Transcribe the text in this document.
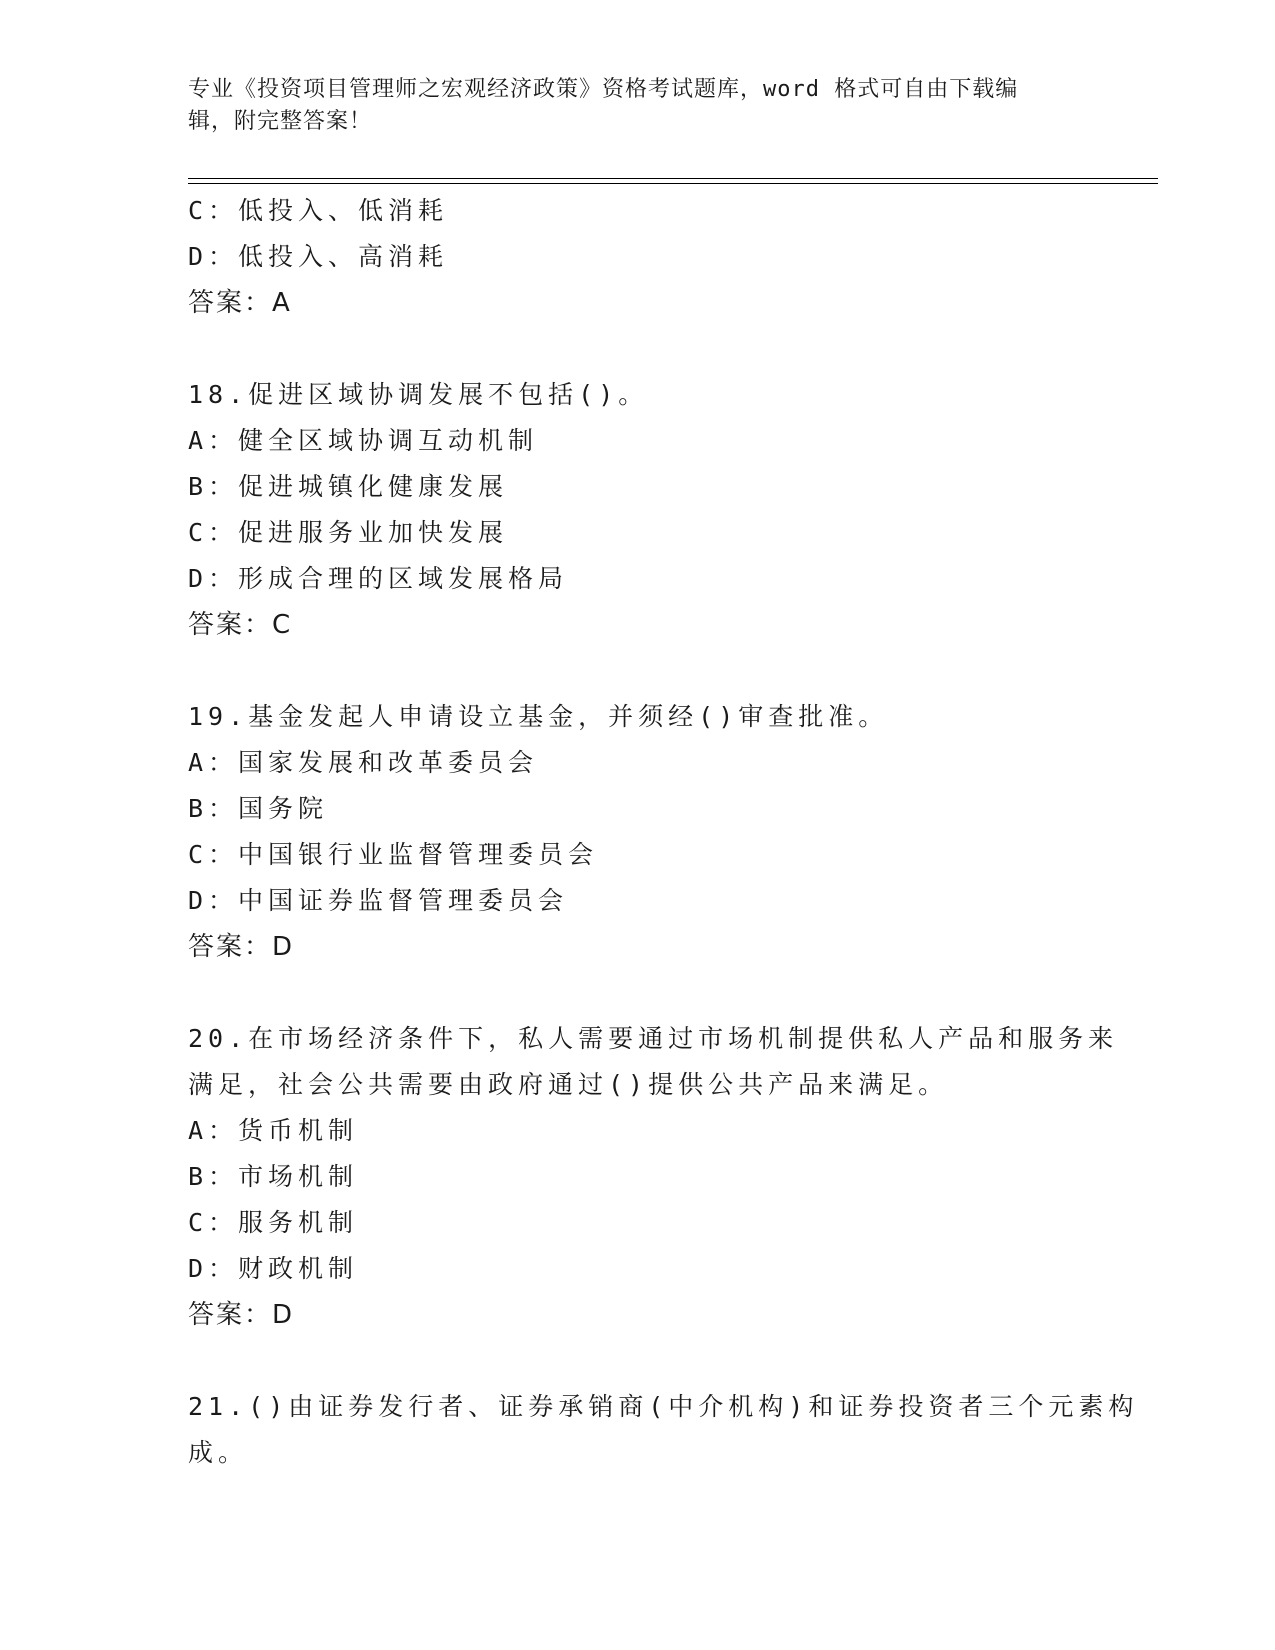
专业《投资项目管理师之宏观经济政策》资格考试题库，word 格式可自由下载编
辑，附完整答案！
C：低投入、低消耗
D：低投入、高消耗
答案：A
18.促进区域协调发展不包括()。
A：健全区域协调互动机制
B：促进城镇化健康发展
C：促进服务业加快发展
D：形成合理的区域发展格局
答案：C
19.基金发起人申请设立基金，并须经()审查批准。
A：国家发展和改革委员会
B：国务院
C：中国银行业监督管理委员会
D：中国证券监督管理委员会
答案：D
20.在市场经济条件下，私人需要通过市场机制提供私人产品和服务来
满足，社会公共需要由政府通过()提供公共产品来满足。
A：货币机制
B：市场机制
C：服务机制
D：财政机制
答案：D
21.()由证券发行者、证券承销商(中介机构)和证券投资者三个元素构
成。
